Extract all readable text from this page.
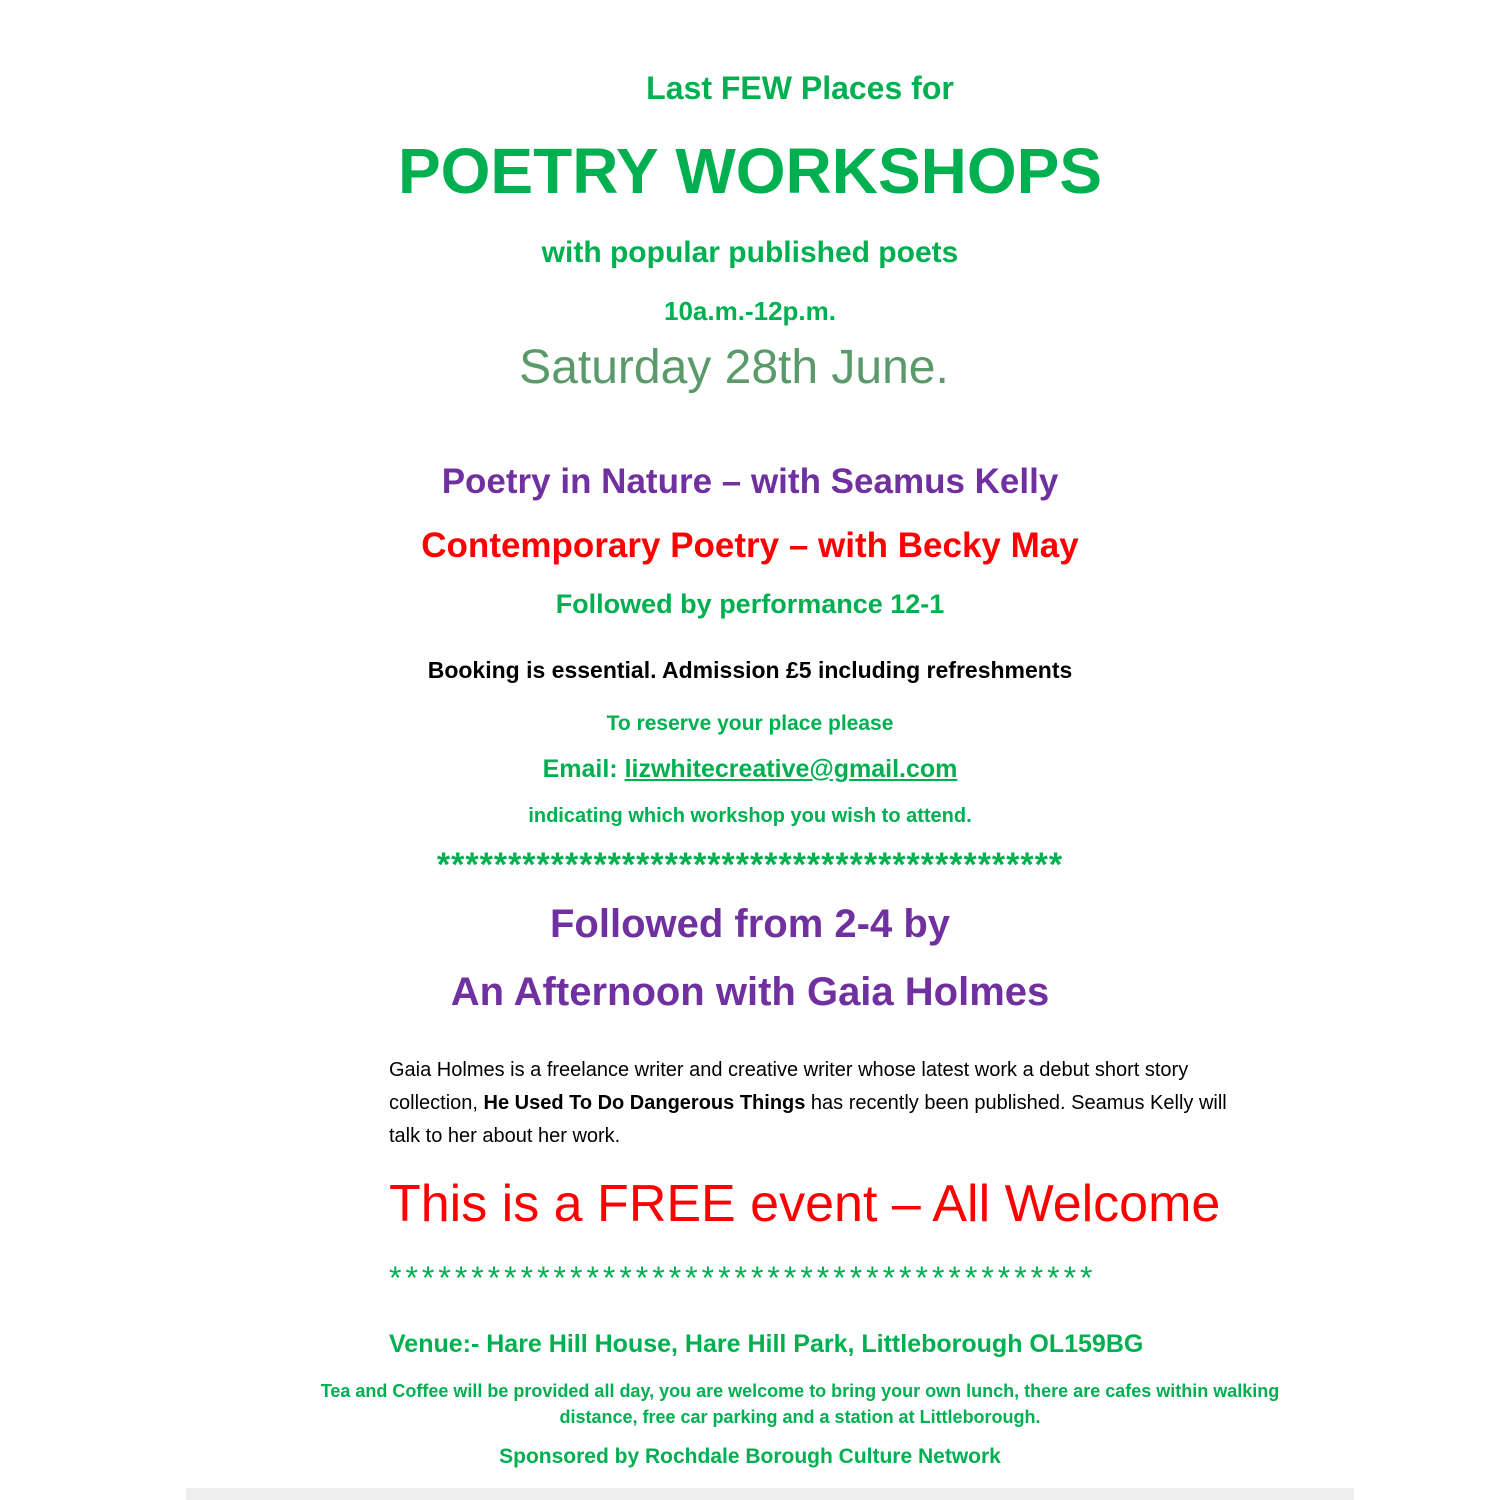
Last FEW Places for
POETRY WORKSHOPS
with popular published poets
10a.m.-12p.m.
Saturday 28th June.
Poetry in Nature – with Seamus Kelly
Contemporary Poetry – with Becky May
Followed by performance 12-1
Booking is essential. Admission £5 including refreshments
To reserve your place please
Email: lizwhitecreative@gmail.com
indicating which workshop you wish to attend.
********************************************
Followed from 2-4 by
An Afternoon with Gaia Holmes
Gaia Holmes is a freelance writer and creative writer whose latest work a debut short story collection, He Used To Do Dangerous Things has recently been published. Seamus Kelly will talk to her about her work.
This is a FREE event – All Welcome
*******************************************
Venue:- Hare Hill House, Hare Hill Park, Littleborough OL159BG
Tea and Coffee will be provided all day, you are welcome to bring your own lunch, there are cafes within walking distance, free car parking and a station at Littleborough.
Sponsored by Rochdale Borough Culture Network
